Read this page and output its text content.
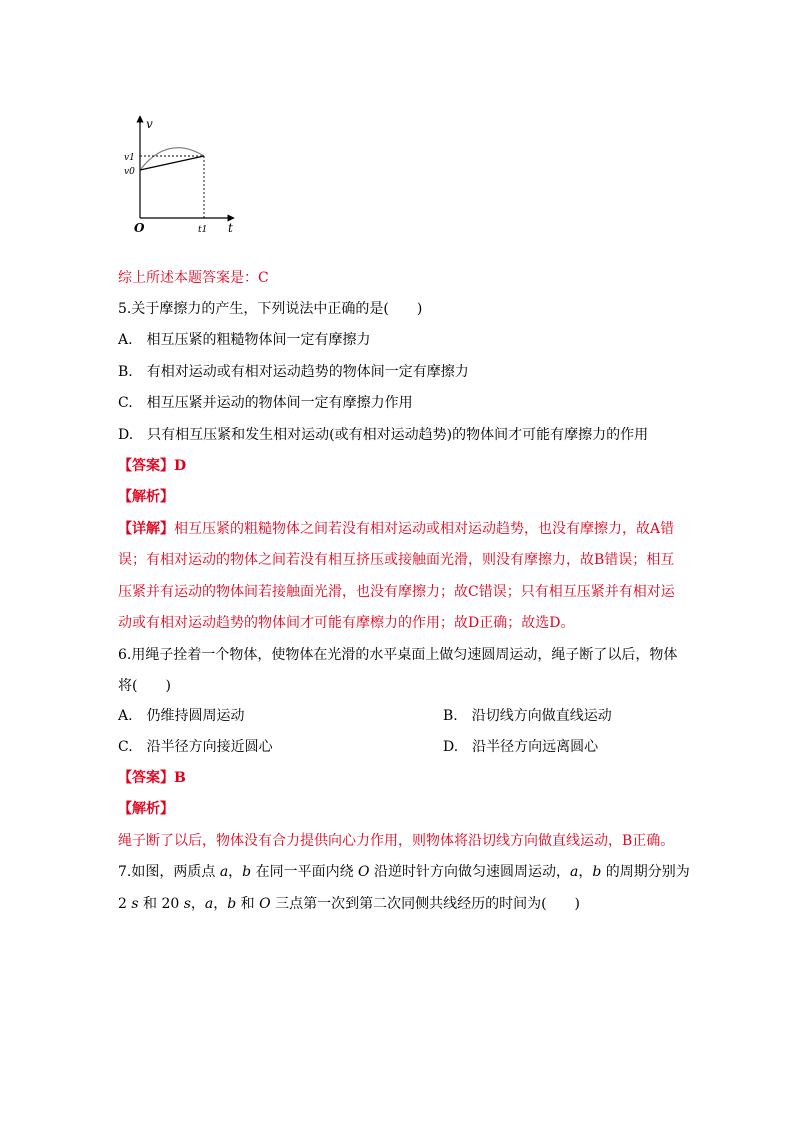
v
t
O
v1
v0
t1
综上所述本题答案是：C
5.关于摩擦力的产生，下列说法中正确的是(　　)
A.　相互压紧的粗糙物体间一定有摩擦力
B.　有相对运动或有相对运动趋势的物体间一定有摩擦力
C.　相互压紧并运动的物体间一定有摩擦力作用
D.　只有相互压紧和发生相对运动(或有相对运动趋势)的物体间才可能有摩擦力的作用
【答案】D
【解析】
【详解】相互压紧的粗糙物体之间若没有相对运动或相对运动趋势，也没有摩擦力，故A错
误；有相对运动的物体之间若没有相互挤压或接触面光滑，则没有摩擦力，故B错误；相互
压紧并有运动的物体间若接触面光滑，也没有摩擦力；故C错误；只有相互压紧并有相对运
动或有相对运动趋势的物体间才可能有摩檫力的作用；故D正确；故选D。
6.用绳子拴着一个物体，使物体在光滑的水平桌面上做匀速圆周运动，绳子断了以后，物体
将(　　)
A.　仍维持圆周运动	B.　沿切线方向做直线运动
C.　沿半径方向接近圆心	D.　沿半径方向远离圆心
【答案】B
【解析】
绳子断了以后，物体没有合力提供向心力作用，则物体将沿切线方向做直线运动，B正确。
7.如图，两质点 a，b 在同一平面内绕 O 沿逆时针方向做匀速圆周运动，a，b 的周期分别为
2 s 和 20 s，a，b 和 O 三点第一次到第二次同侧共线经历的时间为(　　)
